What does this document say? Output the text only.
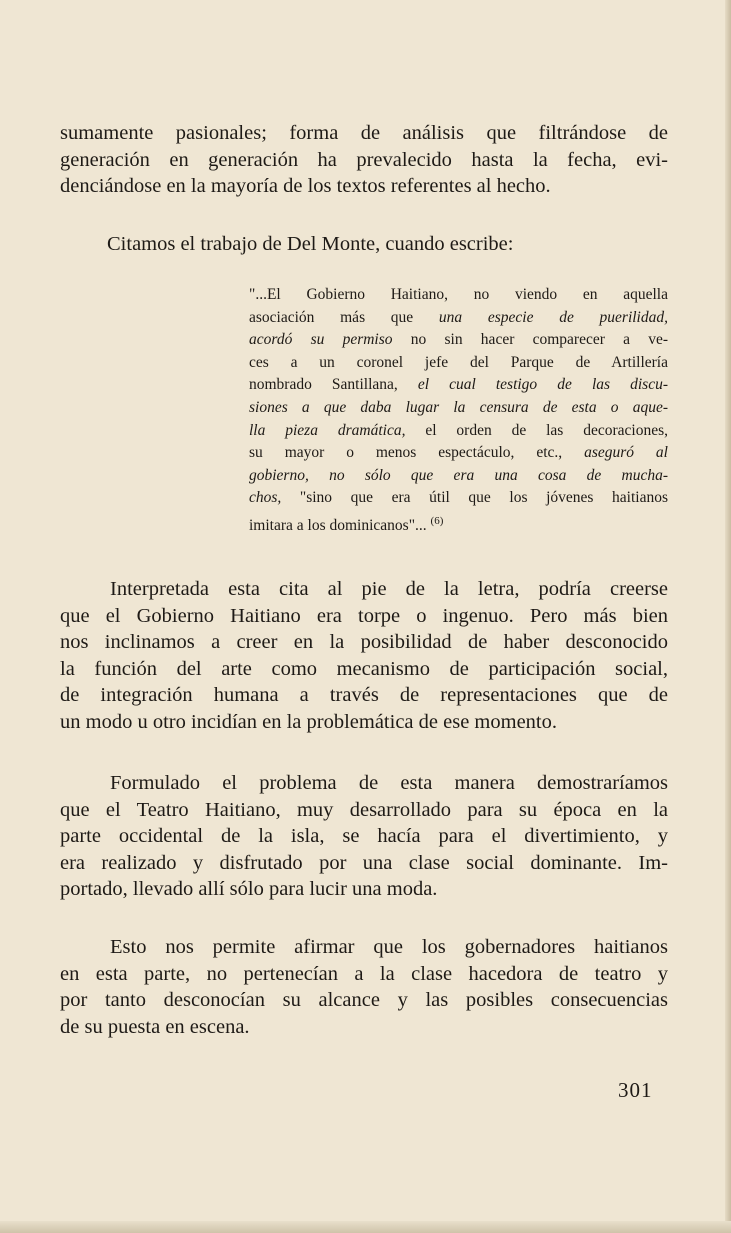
sumamente pasionales; forma de análisis que filtrándose de
generación en generación ha prevalecido hasta la fecha, evi-
denciándose en la mayoría de los textos referentes al hecho.
Citamos el trabajo de Del Monte, cuando escribe:
"...El Gobierno Haitiano, no viendo en aquella
asociación más que una especie de puerilidad,
acordó su permiso no sin hacer comparecer a ve-
ces a un coronel jefe del Parque de Artillería
nombrado Santillana, el cual testigo de las discu-
siones a que daba lugar la censura de esta o aque-
lla pieza dramática, el orden de las decoraciones,
su mayor o menos espectáculo, etc., aseguró al
gobierno, no sólo que era una cosa de mucha-
chos, "sino que era útil que los jóvenes haitianos
imitara a los dominicanos"... $^{(6)}$
Interpretada esta cita al pie de la letra, podría creerse
que el Gobierno Haitiano era torpe o ingenuo. Pero más bien
nos inclinamos a creer en la posibilidad de haber desconocido
la función del arte como mecanismo de participación social,
de integración humana a través de representaciones que de
un modo u otro incidían en la problemática de ese momento.
Formulado el problema de esta manera demostraríamos
que el Teatro Haitiano, muy desarrollado para su época en la
parte occidental de la isla, se hacía para el divertimiento, y
era realizado y disfrutado por una clase social dominante. Im-
portado, llevado allí sólo para lucir una moda.
Esto nos permite afirmar que los gobernadores haitianos
en esta parte, no pertenecían a la clase hacedora de teatro y
por tanto desconocían su alcance y las posibles consecuencias
de su puesta en escena.
301
